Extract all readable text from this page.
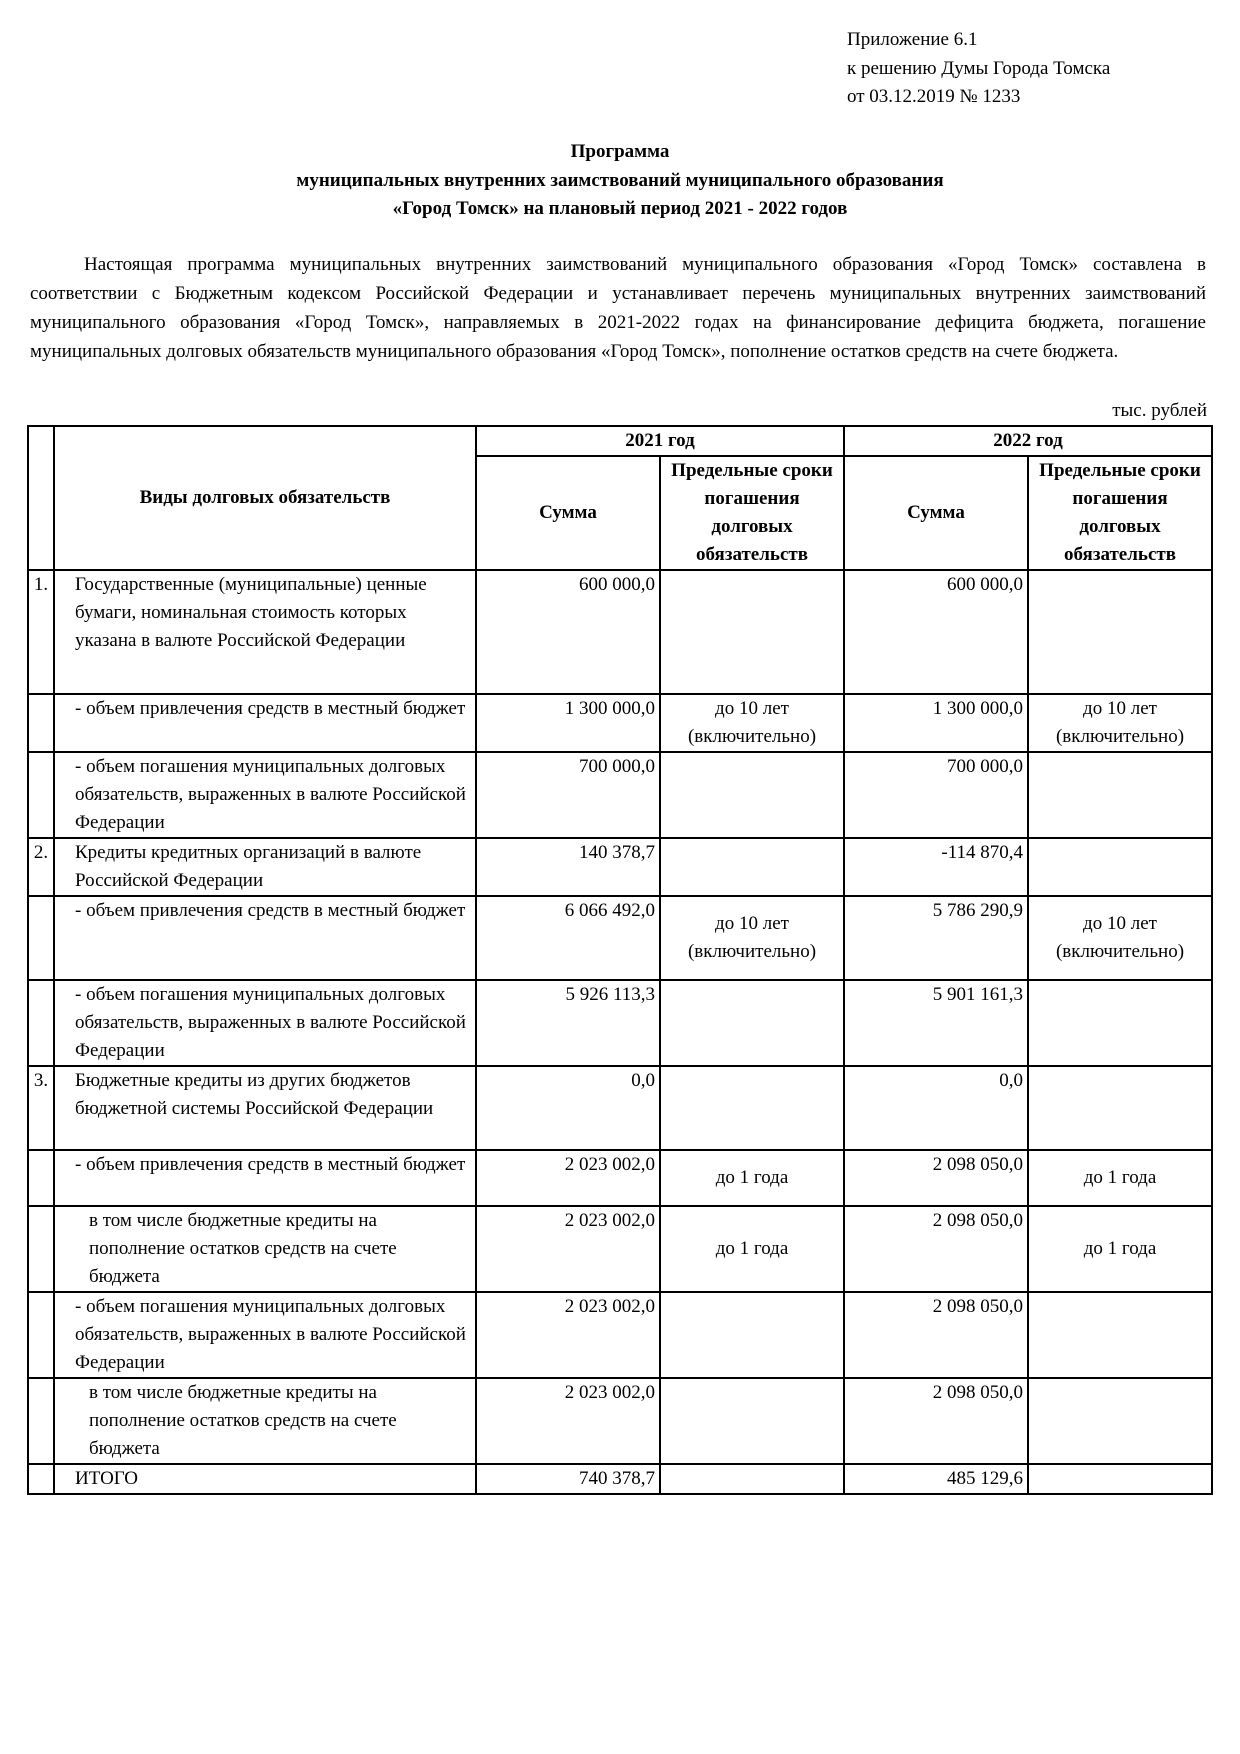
Приложение 6.1
к решению Думы Города Томска
от 03.12.2019 № 1233
Программа
муниципальных внутренних заимствований муниципального образования
«Город Томск» на плановый период 2021 - 2022 годов
Настоящая программа муниципальных внутренних заимствований муниципального образования «Город Томск» составлена в соответствии с Бюджетным кодексом Российской Федерации и устанавливает перечень муниципальных внутренних заимствований муниципального образования «Город Томск», направляемых в 2021-2022 годах на финансирование дефицита бюджета, погашение муниципальных долговых обязательств муниципального образования «Город Томск», пополнение остатков средств на счете бюджета.
тыс. рублей
	Виды долговых обязательств	2021 год		2022 год	
		Сумма	Предельные сроки погашения долговых обязательств	Сумма	Предельные сроки погашения долговых обязательств
1.	Государственные (муниципальные) ценные бумаги, номинальная стоимость которых указана в валюте Российской Федерации	600 000,0		600 000,0	
	- объем привлечения средств в местный бюджет	1 300 000,0	до 10 лет (включительно)	1 300 000,0	до 10 лет (включительно)
	- объем погашения муниципальных долговых обязательств, выраженных в валюте Российской Федерации	700 000,0		700 000,0	
2.	Кредиты кредитных организаций в валюте Российской Федерации	140 378,7		-114 870,4	
	- объем привлечения средств в местный бюджет	6 066 492,0	до 10 лет (включительно)	5 786 290,9	до 10 лет (включительно)
	- объем погашения муниципальных долговых обязательств, выраженных в валюте Российской Федерации	5 926 113,3		5 901 161,3	
3.	Бюджетные кредиты из других бюджетов бюджетной системы Российской Федерации	0,0		0,0	
	- объем привлечения средств в местный бюджет	2 023 002,0	до 1 года	2 098 050,0	до 1 года
	в том числе бюджетные кредиты на пополнение остатков средств на счете бюджета	2 023 002,0	до 1 года	2 098 050,0	до 1 года
	- объем погашения муниципальных долговых обязательств, выраженных в валюте Российской Федерации	2 023 002,0		2 098 050,0	
	в том числе бюджетные кредиты на пополнение остатков средств на счете бюджета	2 023 002,0		2 098 050,0	
	ИТОГО	740 378,7		485 129,6	
